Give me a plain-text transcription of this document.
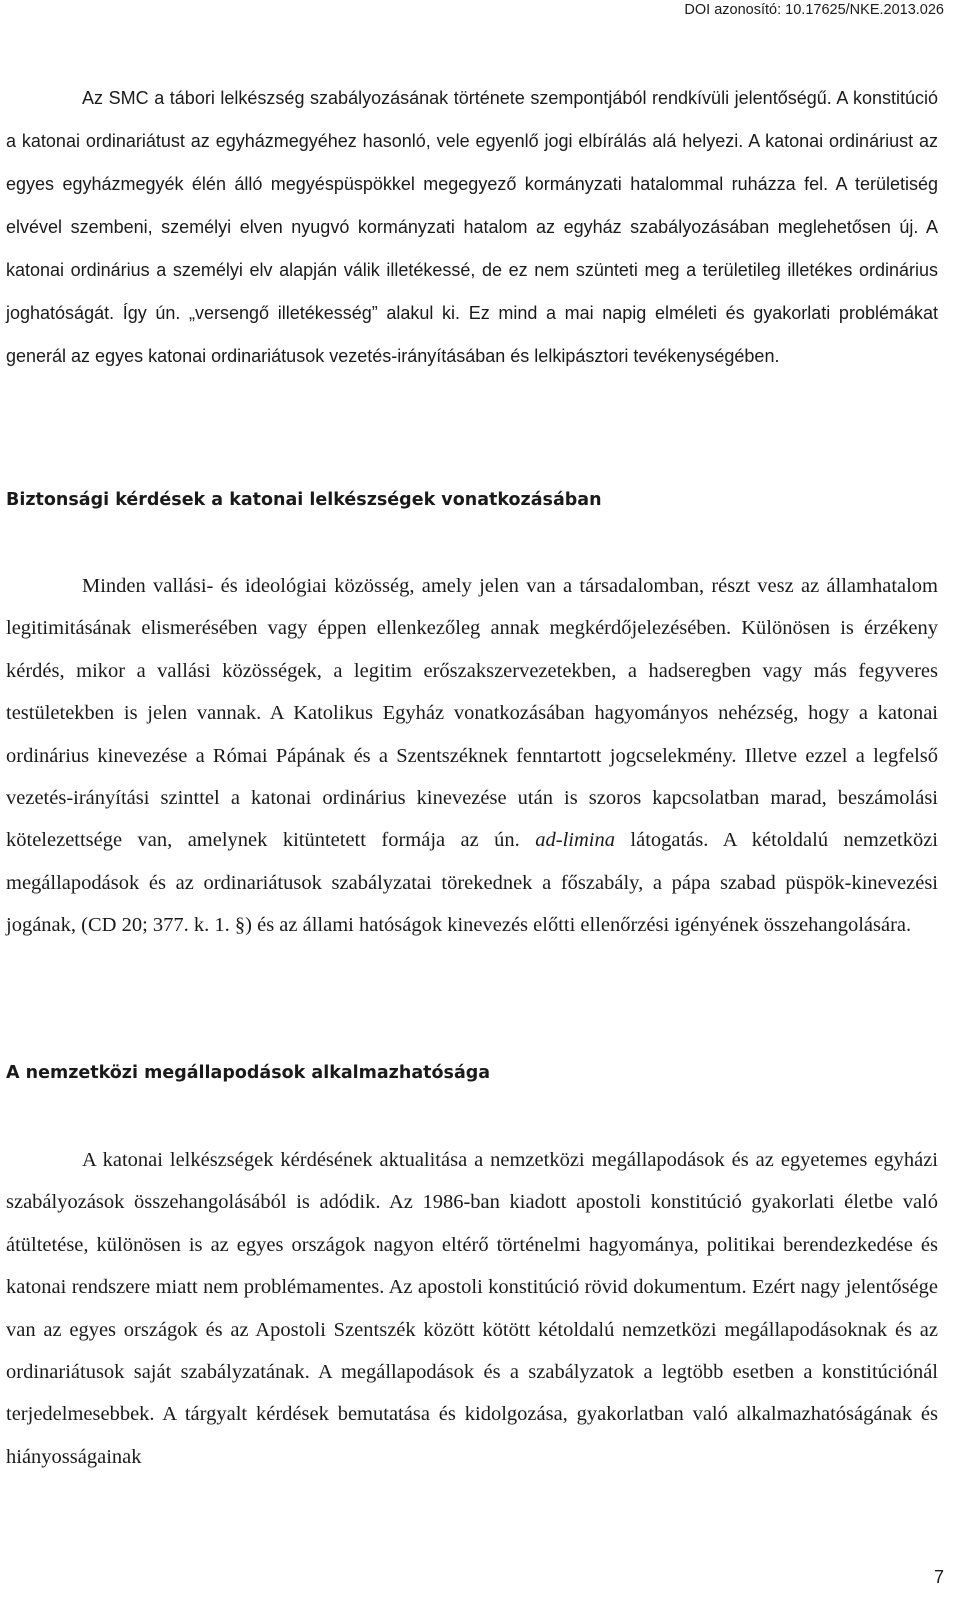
DOI azonosító: 10.17625/NKE.2013.026

Az SMC a tábori lelkészség szabályozásának története szempontjából rendkívüli jelentőségű. A konstitúció a katonai ordinariátust az egyházmegyéhez hasonló, vele egyenlő jogi elbírálás alá helyezi. A katonai ordináriust az egyes egyházmegyék élén álló megyéspüspökkel megegyező kormányzati hatalommal ruházza fel. A területiség elvével szembeni, személyi elven nyugvó kormányzati hatalom az egyház szabályozásában meglehetősen új. A katonai ordinárius a személyi elv alapján válik illetékessé, de ez nem szünteti meg a területileg illetékes ordinárius joghatóságát. Így ún. „versengő illetékesség” alakul ki. Ez mind a mai napig elméleti és gyakorlati problémákat generál az egyes katonai ordinariátusok vezetés-irányításában és lelkipásztori tevékenységében.

Biztonsági kérdések a katonai lelkészségek vonatkozásában

Minden vallási- és ideológiai közösség, amely jelen van a társadalomban, részt vesz az államhatalom legitimitásának elismerésében vagy éppen ellenkezőleg annak megkérdőjelezésében. Különösen is érzékeny kérdés, mikor a vallási közösségek, a legitim erőszakszervezetekben, a hadseregben vagy más fegyveres testületekben is jelen vannak. A Katolikus Egyház vonatkozásában hagyományos nehézség, hogy a katonai ordinárius kinevezése a Római Pápának és a Szentszéknek fenntartott jogcselekmény. Illetve ezzel a legfelső vezetés-irányítási szinttel a katonai ordinárius kinevezése után is szoros kapcsolatban marad, beszámolási kötelezettsége van, amelynek kitüntetett formája az ún. ad-limina látogatás. A kétoldalú nemzetközi megállapodások és az ordinariátusok szabályzatai törekednek a főszabály, a pápa szabad püspök-kinevezési jogának, (CD 20; 377. k. 1. §) és az állami hatóságok kinevezés előtti ellenőrzési igényének összehangolására.

A nemzetközi megállapodások alkalmazhatósága

A katonai lelkészségek kérdésének aktualitása a nemzetközi megállapodások és az egyetemes egyházi szabályozások összehangolásából is adódik. Az 1986-ban kiadott apostoli konstitúció gyakorlati életbe való átültetése, különösen is az egyes országok nagyon eltérő történelmi hagyománya, politikai berendezkedése és katonai rendszere miatt nem problémamentes. Az apostoli konstitúció rövid dokumentum. Ezért nagy jelentősége van az egyes országok és az Apostoli Szentszék között kötött kétoldalú nemzetközi megállapodásoknak és az ordinariátusok saját szabályzatának. A megállapodások és a szabályzatok a legtöbb esetben a konstitúciónál terjedelmesebbek. A tárgyalt kérdések bemutatása és kidolgozása, gyakorlatban való alkalmazhatóságának és hiányosságainak

7
